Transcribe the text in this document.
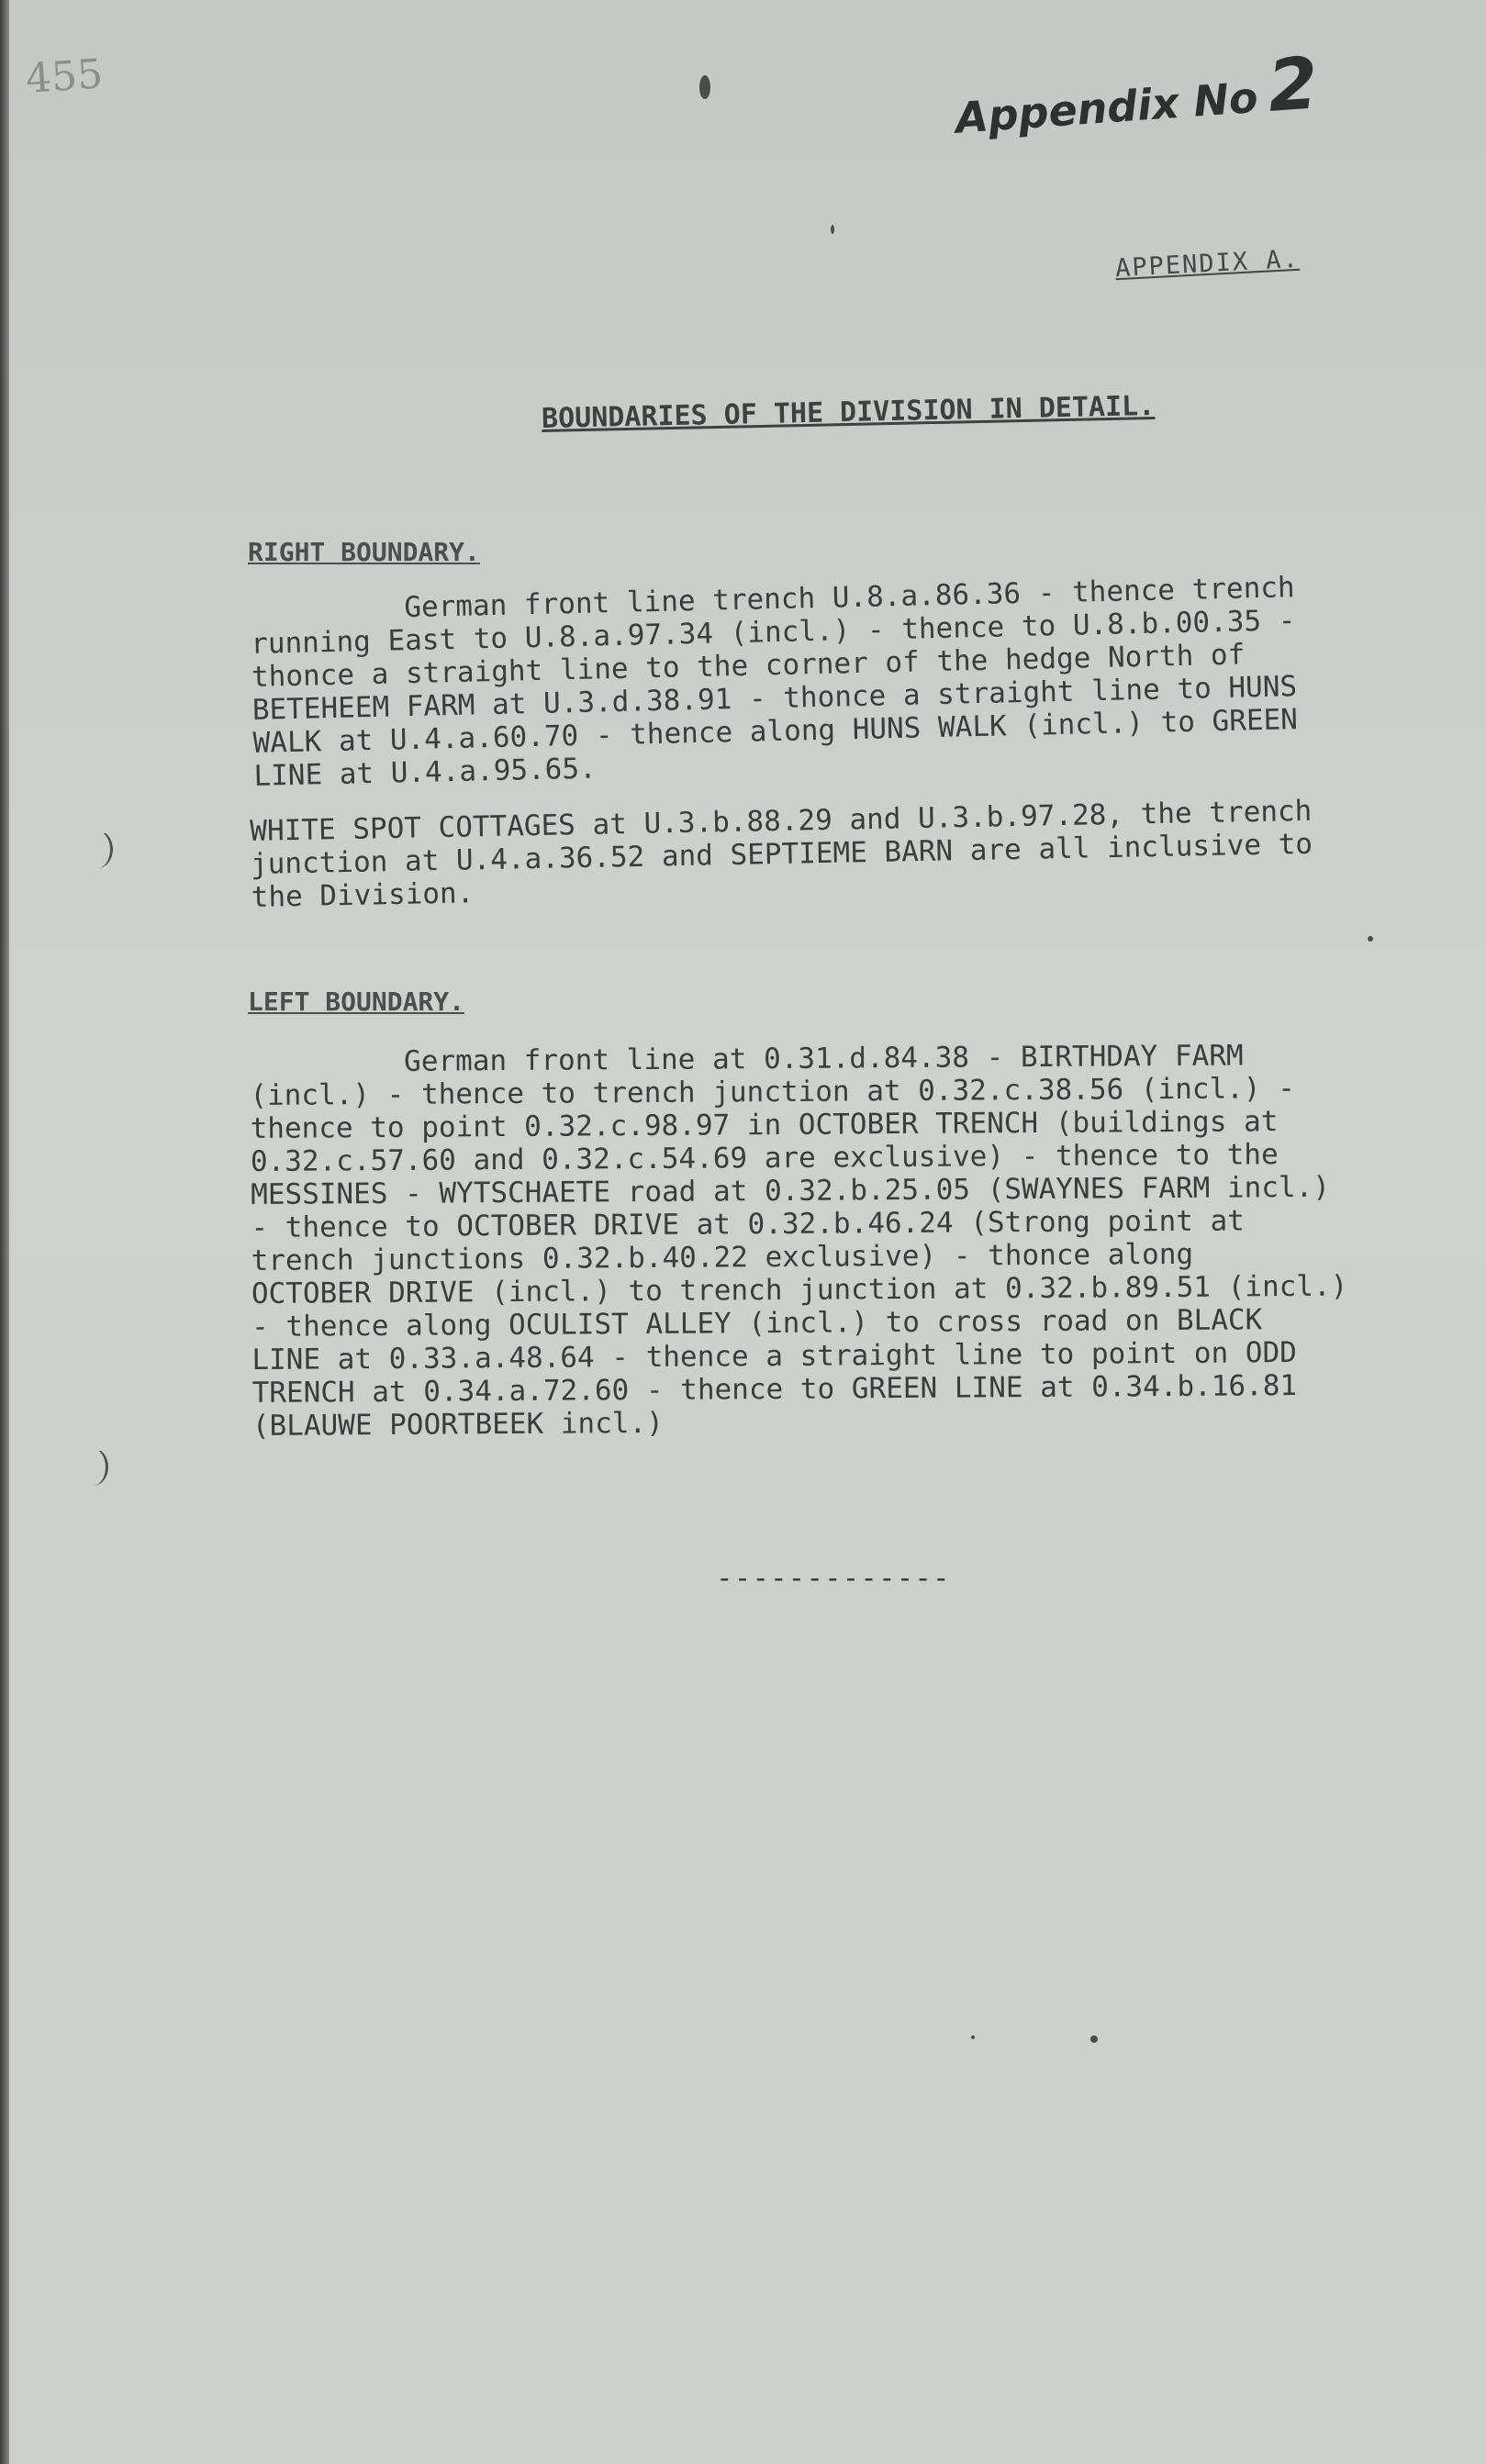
455	Appendix No2
APPENDIX A.
BOUNDARIES OF THE DIVISION IN DETAIL.
RIGHT BOUNDARY.
German front line trench U.8.a.86.36 - thence trench
running East to U.8.a.97.34 (incl.) - thence to U.8.b.00.35 -
thonce a straight line to the corner of the hedge North of
BETEHEEM FARM at U.3.d.38.91 - thonce a straight line to HUNS
WALK at U.4.a.60.70 - thence along HUNS WALK (incl.) to GREEN
LINE at U.4.a.95.65.
WHITE SPOT COTTAGES at U.3.b.88.29 and U.3.b.97.28, the trench
junction at U.4.a.36.52 and SEPTIEME BARN are all inclusive to
the Division.
LEFT BOUNDARY.
German front line at 0.31.d.84.38 - BIRTHDAY FARM
(incl.) - thence to trench junction at 0.32.c.38.56 (incl.) -
thence to point 0.32.c.98.97 in OCTOBER TRENCH (buildings at
0.32.c.57.60 and 0.32.c.54.69 are exclusive) - thence to the
MESSINES - WYTSCHAETE road at 0.32.b.25.05 (SWAYNES FARM incl.)
- thence to OCTOBER DRIVE at 0.32.b.46.24 (Strong point at
trench junctions 0.32.b.40.22 exclusive) - thonce along
OCTOBER DRIVE (incl.) to trench junction at 0.32.b.89.51 (incl.)
- thence along OCULIST ALLEY (incl.) to cross road on BLACK
LINE at 0.33.a.48.64 - thence a straight line to point on ODD
TRENCH at 0.34.a.72.60 - thence to GREEN LINE at 0.34.b.16.81
(BLAUWE POORTBEEK incl.)
-------------
